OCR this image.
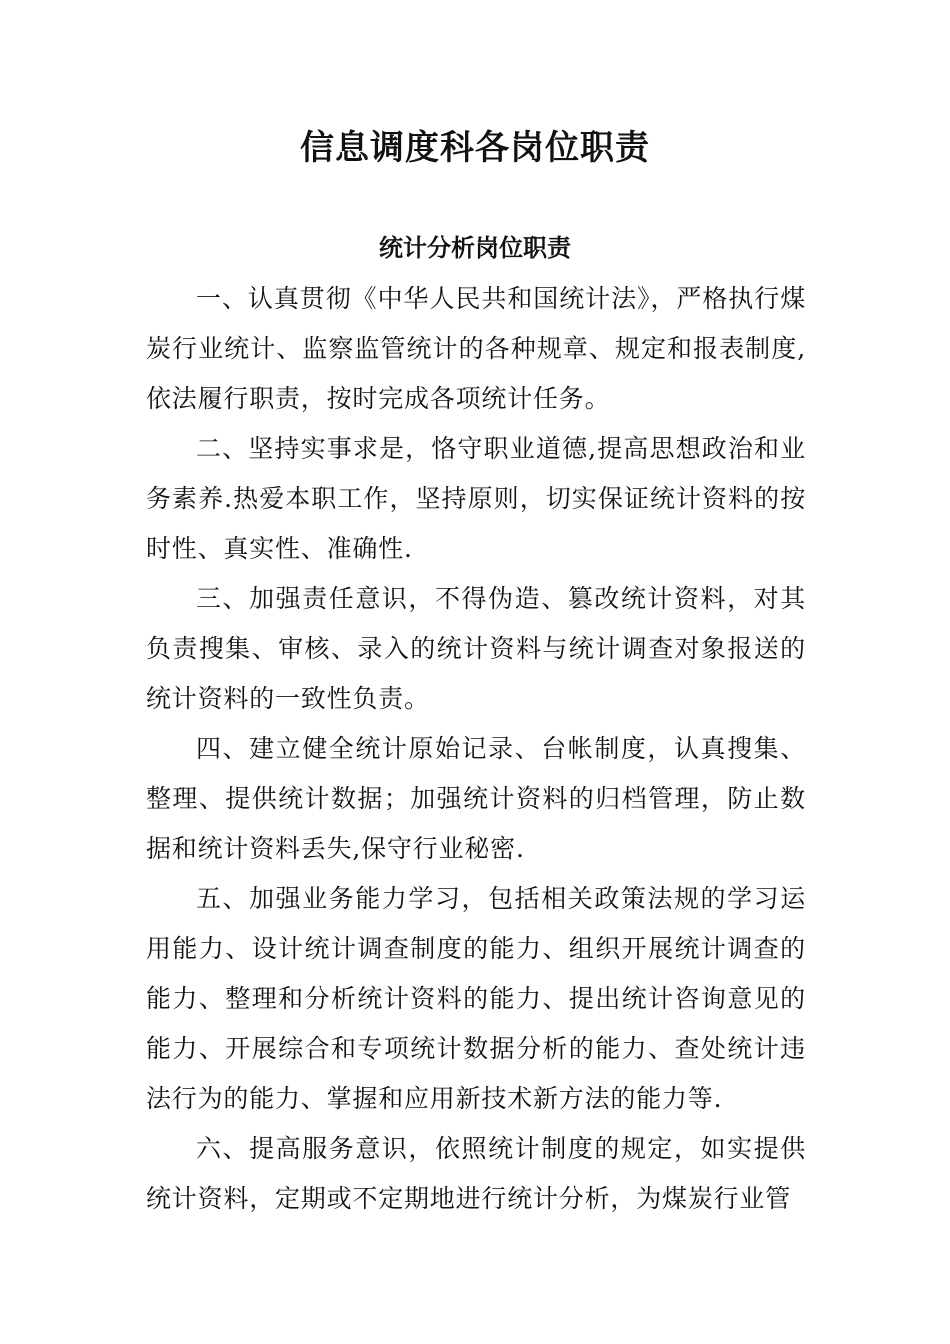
信息调度科各岗位职责
统计分析岗位职责

一、认真贯彻《中华人民共和国统计法》，严格执行煤炭行业统计、监察监管统计的各种规章、规定和报表制度,依法履行职责，按时完成各项统计任务。

二、坚持实事求是，恪守职业道德,提高思想政治和业务素养.热爱本职工作，坚持原则，切实保证统计资料的按时性、真实性、准确性.

三、加强责任意识，不得伪造、篡改统计资料，对其负责搜集、审核、录入的统计资料与统计调查对象报送的统计资料的一致性负责。

四、建立健全统计原始记录、台帐制度，认真搜集、整理、提供统计数据；加强统计资料的归档管理，防止数据和统计资料丢失,保守行业秘密.

五、加强业务能力学习，包括相关政策法规的学习运用能力、设计统计调查制度的能力、组织开展统计调查的能力、整理和分析统计资料的能力、提出统计咨询意见的能力、开展综合和专项统计数据分析的能力、查处统计违法行为的能力、掌握和应用新技术新方法的能力等.

六、提高服务意识，依照统计制度的规定，如实提供统计资料，定期或不定期地进行统计分析，为煤炭行业管
